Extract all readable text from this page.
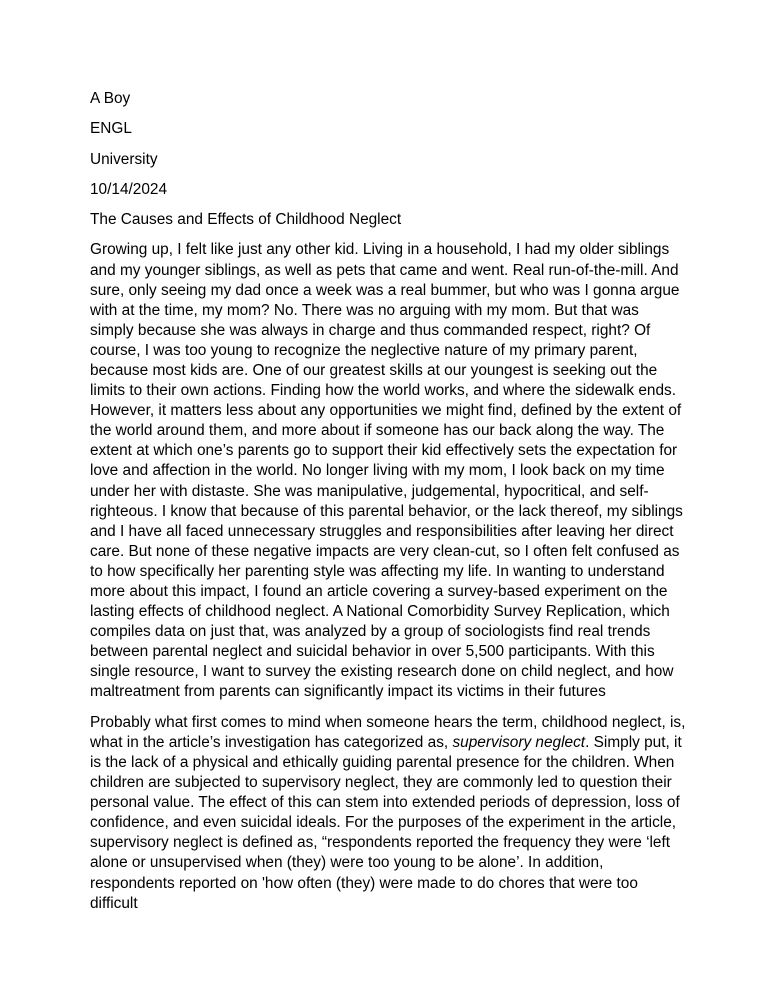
A Boy
ENGL
University
10/14/2024
The Causes and Effects of Childhood Neglect

Growing up, I felt like just any other kid. Living in a household, I had my older siblings and my younger siblings, as well as pets that came and went. Real run-of-the-mill. And sure, only seeing my dad once a week was a real bummer, but who was I gonna argue with at the time, my mom? No. There was no arguing with my mom. But that was simply because she was always in charge and thus commanded respect, right? Of course, I was too young to recognize the neglective nature of my primary parent, because most kids are. One of our greatest skills at our youngest is seeking out the limits to their own actions. Finding how the world works, and where the sidewalk ends. However, it matters less about any opportunities we might find, defined by the extent of the world around them, and more about if someone has our back along the way. The extent at which one’s parents go to support their kid effectively sets the expectation for love and affection in the world. No longer living with my mom, I look back on my time under her with distaste. She was manipulative, judgemental, hypocritical, and self-righteous. I know that because of this parental behavior, or the lack thereof, my siblings and I have all faced unnecessary struggles and responsibilities after leaving her direct care. But none of these negative impacts are very clean-cut, so I often felt confused as to how specifically her parenting style was affecting my life. In wanting to understand more about this impact, I found an article covering a survey-based experiment on the lasting effects of childhood neglect. A National Comorbidity Survey Replication, which compiles data on just that, was analyzed by a group of sociologists find real trends between parental neglect and suicidal behavior in over 5,500 participants. With this single resource, I want to survey the existing research done on child neglect, and how maltreatment from parents can significantly impact its victims in their futures

Probably what first comes to mind when someone hears the term, childhood neglect, is, what in the article’s investigation has categorized as, supervisory neglect. Simply put, it is the lack of a physical and ethically guiding parental presence for the children. When children are subjected to supervisory neglect, they are commonly led to question their personal value. The effect of this can stem into extended periods of depression, loss of confidence, and even suicidal ideals. For the purposes of the experiment in the article, supervisory neglect is defined as, “respondents reported the frequency they were ‘left alone or unsupervised when (they) were too young to be alone’. In addition, respondents reported on 'how often (they) were made to do chores that were too difficult
